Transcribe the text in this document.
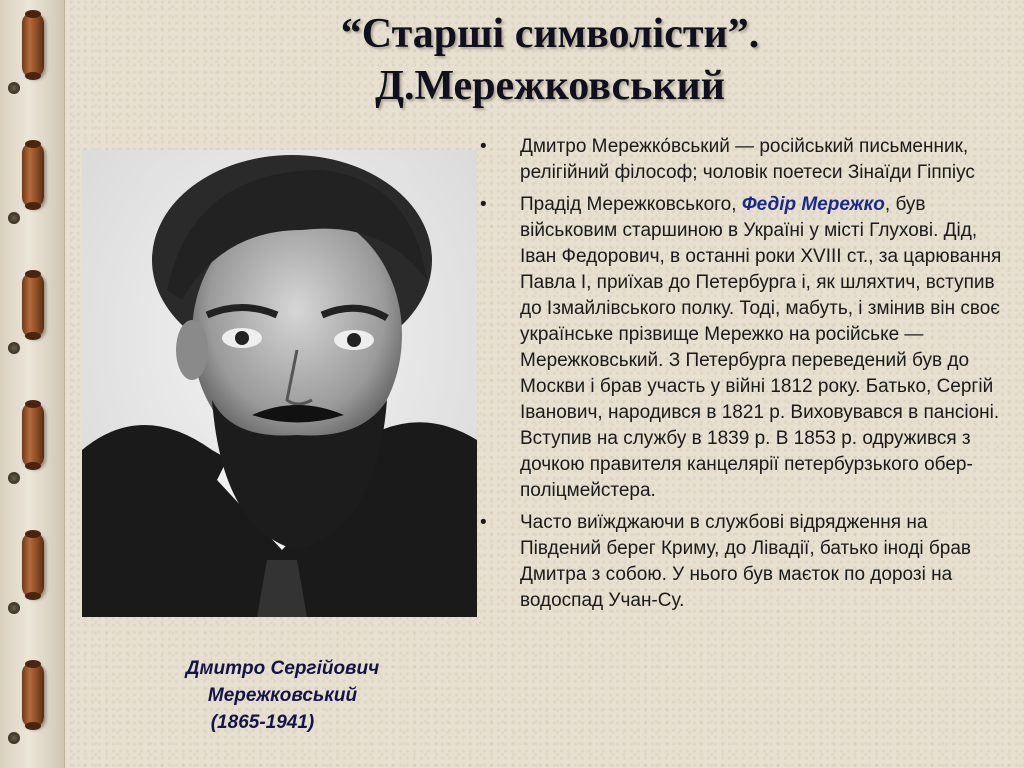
“Старші символісти”.
Д.Мережковський
Дмитро Сергійович
Мережковський
(1865-1941)
• Дмитро Мережко́вський — російський письменник, релігійний філософ; чоловік поетеси Зінаїди Гіппіус
• Прадід Мережковського, Федір Мережко, був військовим старшиною в Україні у місті Глухові. Дід, Іван Федорович, в останні роки XVIII ст., за царювання Павла І, приїхав до Петербурга і, як шляхтич, вступив до Ізмайлівського полку. Тоді, мабуть, і змінив він своє українське прізвище Мережко на російське — Мережковський. З Петербурга переведений був до Москви і брав участь у війні 1812 року. Батько, Сергій Іванович, народився в 1821 р. Виховувався в пансіоні. Вступив на службу в 1839 р. В 1853 р. одружився з дочкою правителя канцелярії петербурзького обер-поліцмейстера.
• Часто виїжджаючи в службові відрядження на Південий берег Криму, до Лівадії, батько іноді брав Дмитра з собою. У нього був маєток по дорозі на водоспад Учан-Су.
